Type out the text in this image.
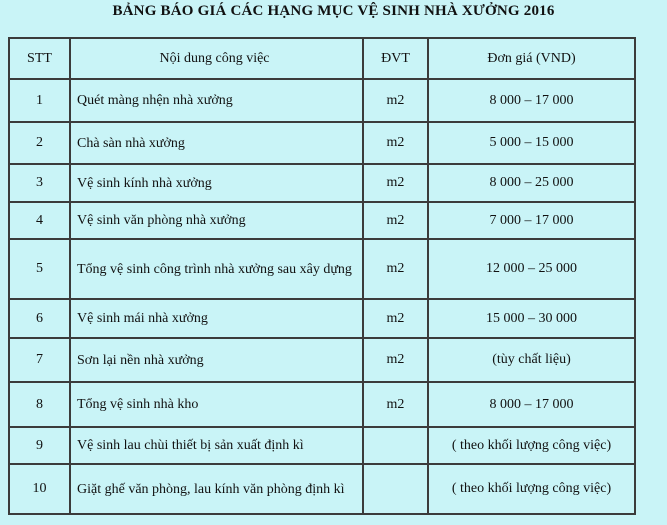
BẢNG BÁO GIÁ CÁC HẠNG MỤC VỆ SINH NHÀ XƯỞNG 2016
STT	Nội dung công việc	ĐVT	Đơn giá (VND)
1	Quét màng nhện nhà xưởng	m2	8 000 – 17 000
2	Chà sàn nhà xưởng	m2	5 000 – 15 000
3	Vệ sinh kính nhà xưởng	m2	8 000 – 25 000
4	Vệ sinh văn phòng nhà xưởng	m2	7 000 – 17 000
5	Tổng vệ sinh công trình nhà xưởng sau xây dựng	m2	12 000 – 25 000
6	Vệ sinh mái nhà xưởng	m2	15 000 – 30 000
7	Sơn lại nền nhà xưởng	m2	(tùy chất liệu)
8	Tổng vệ sinh nhà kho	m2	8 000 – 17 000
9	Vệ sinh lau chùi thiết bị sản xuất định kì		( theo khối lượng công việc)
10	Giặt ghế văn phòng, lau kính văn phòng định kì		( theo khối lượng công việc)
